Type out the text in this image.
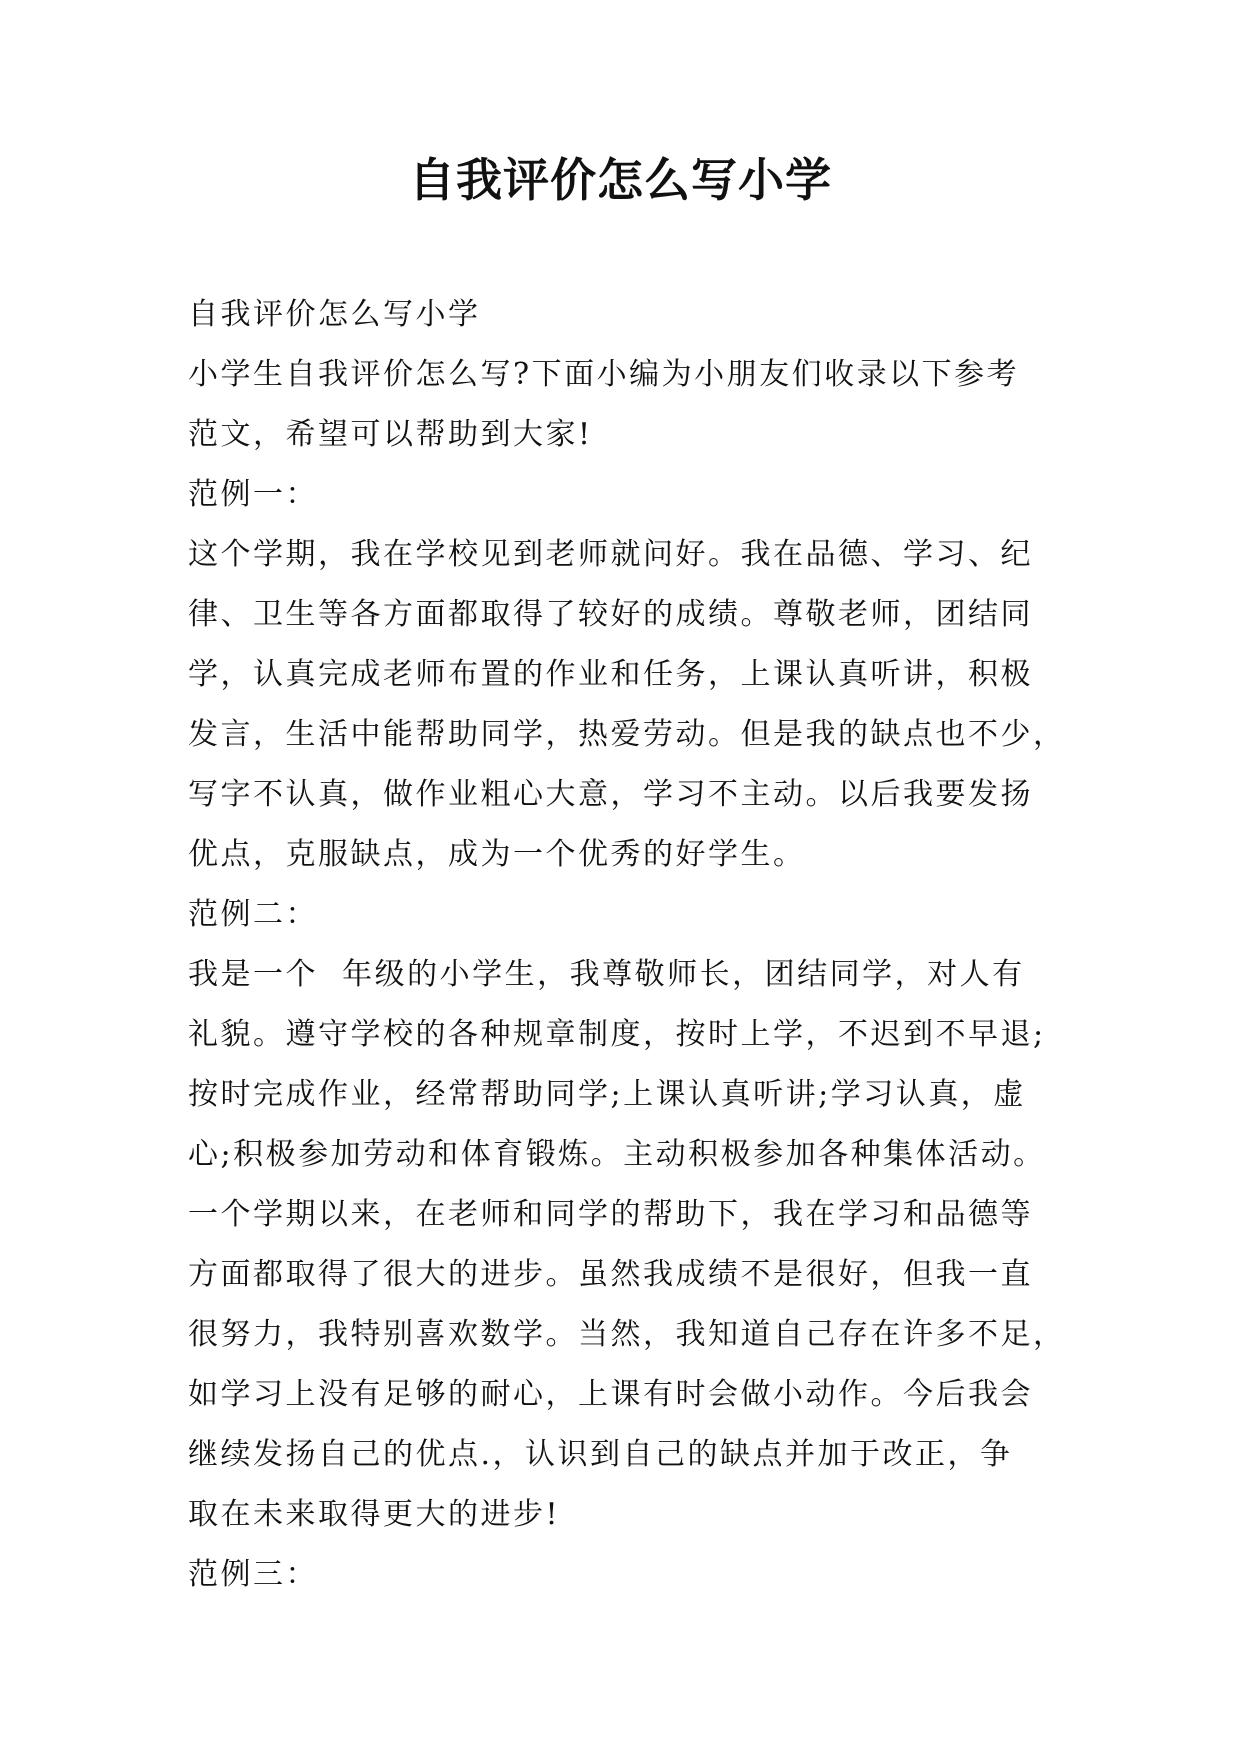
自我评价怎么写小学

自我评价怎么写小学

小学生自我评价怎么写?下面小编为小朋友们收录以下参考

范文，希望可以帮助到大家!

范例一：

这个学期，我在学校见到老师就问好。我在品德、学习、纪

律、卫生等各方面都取得了较好的成绩。尊敬老师，团结同

学，认真完成老师布置的作业和任务，上课认真听讲，积极

发言，生活中能帮助同学，热爱劳动。但是我的缺点也不少，

写字不认真，做作业粗心大意，学习不主动。以后我要发扬

优点，克服缺点，成为一个优秀的好学生。

范例二：

我是一个  年级的小学生，我尊敬师长，团结同学，对人有

礼貌。遵守学校的各种规章制度，按时上学，不迟到不早退;

按时完成作业，经常帮助同学;上课认真听讲;学习认真，虚

心;积极参加劳动和体育锻炼。主动积极参加各种集体活动。

一个学期以来，在老师和同学的帮助下，我在学习和品德等

方面都取得了很大的进步。虽然我成绩不是很好，但我一直

很努力，我特别喜欢数学。当然，我知道自己存在许多不足，

如学习上没有足够的耐心，上课有时会做小动作。今后我会

继续发扬自己的优点.，认识到自己的缺点并加于改正，争

取在未来取得更大的进步!

范例三：
